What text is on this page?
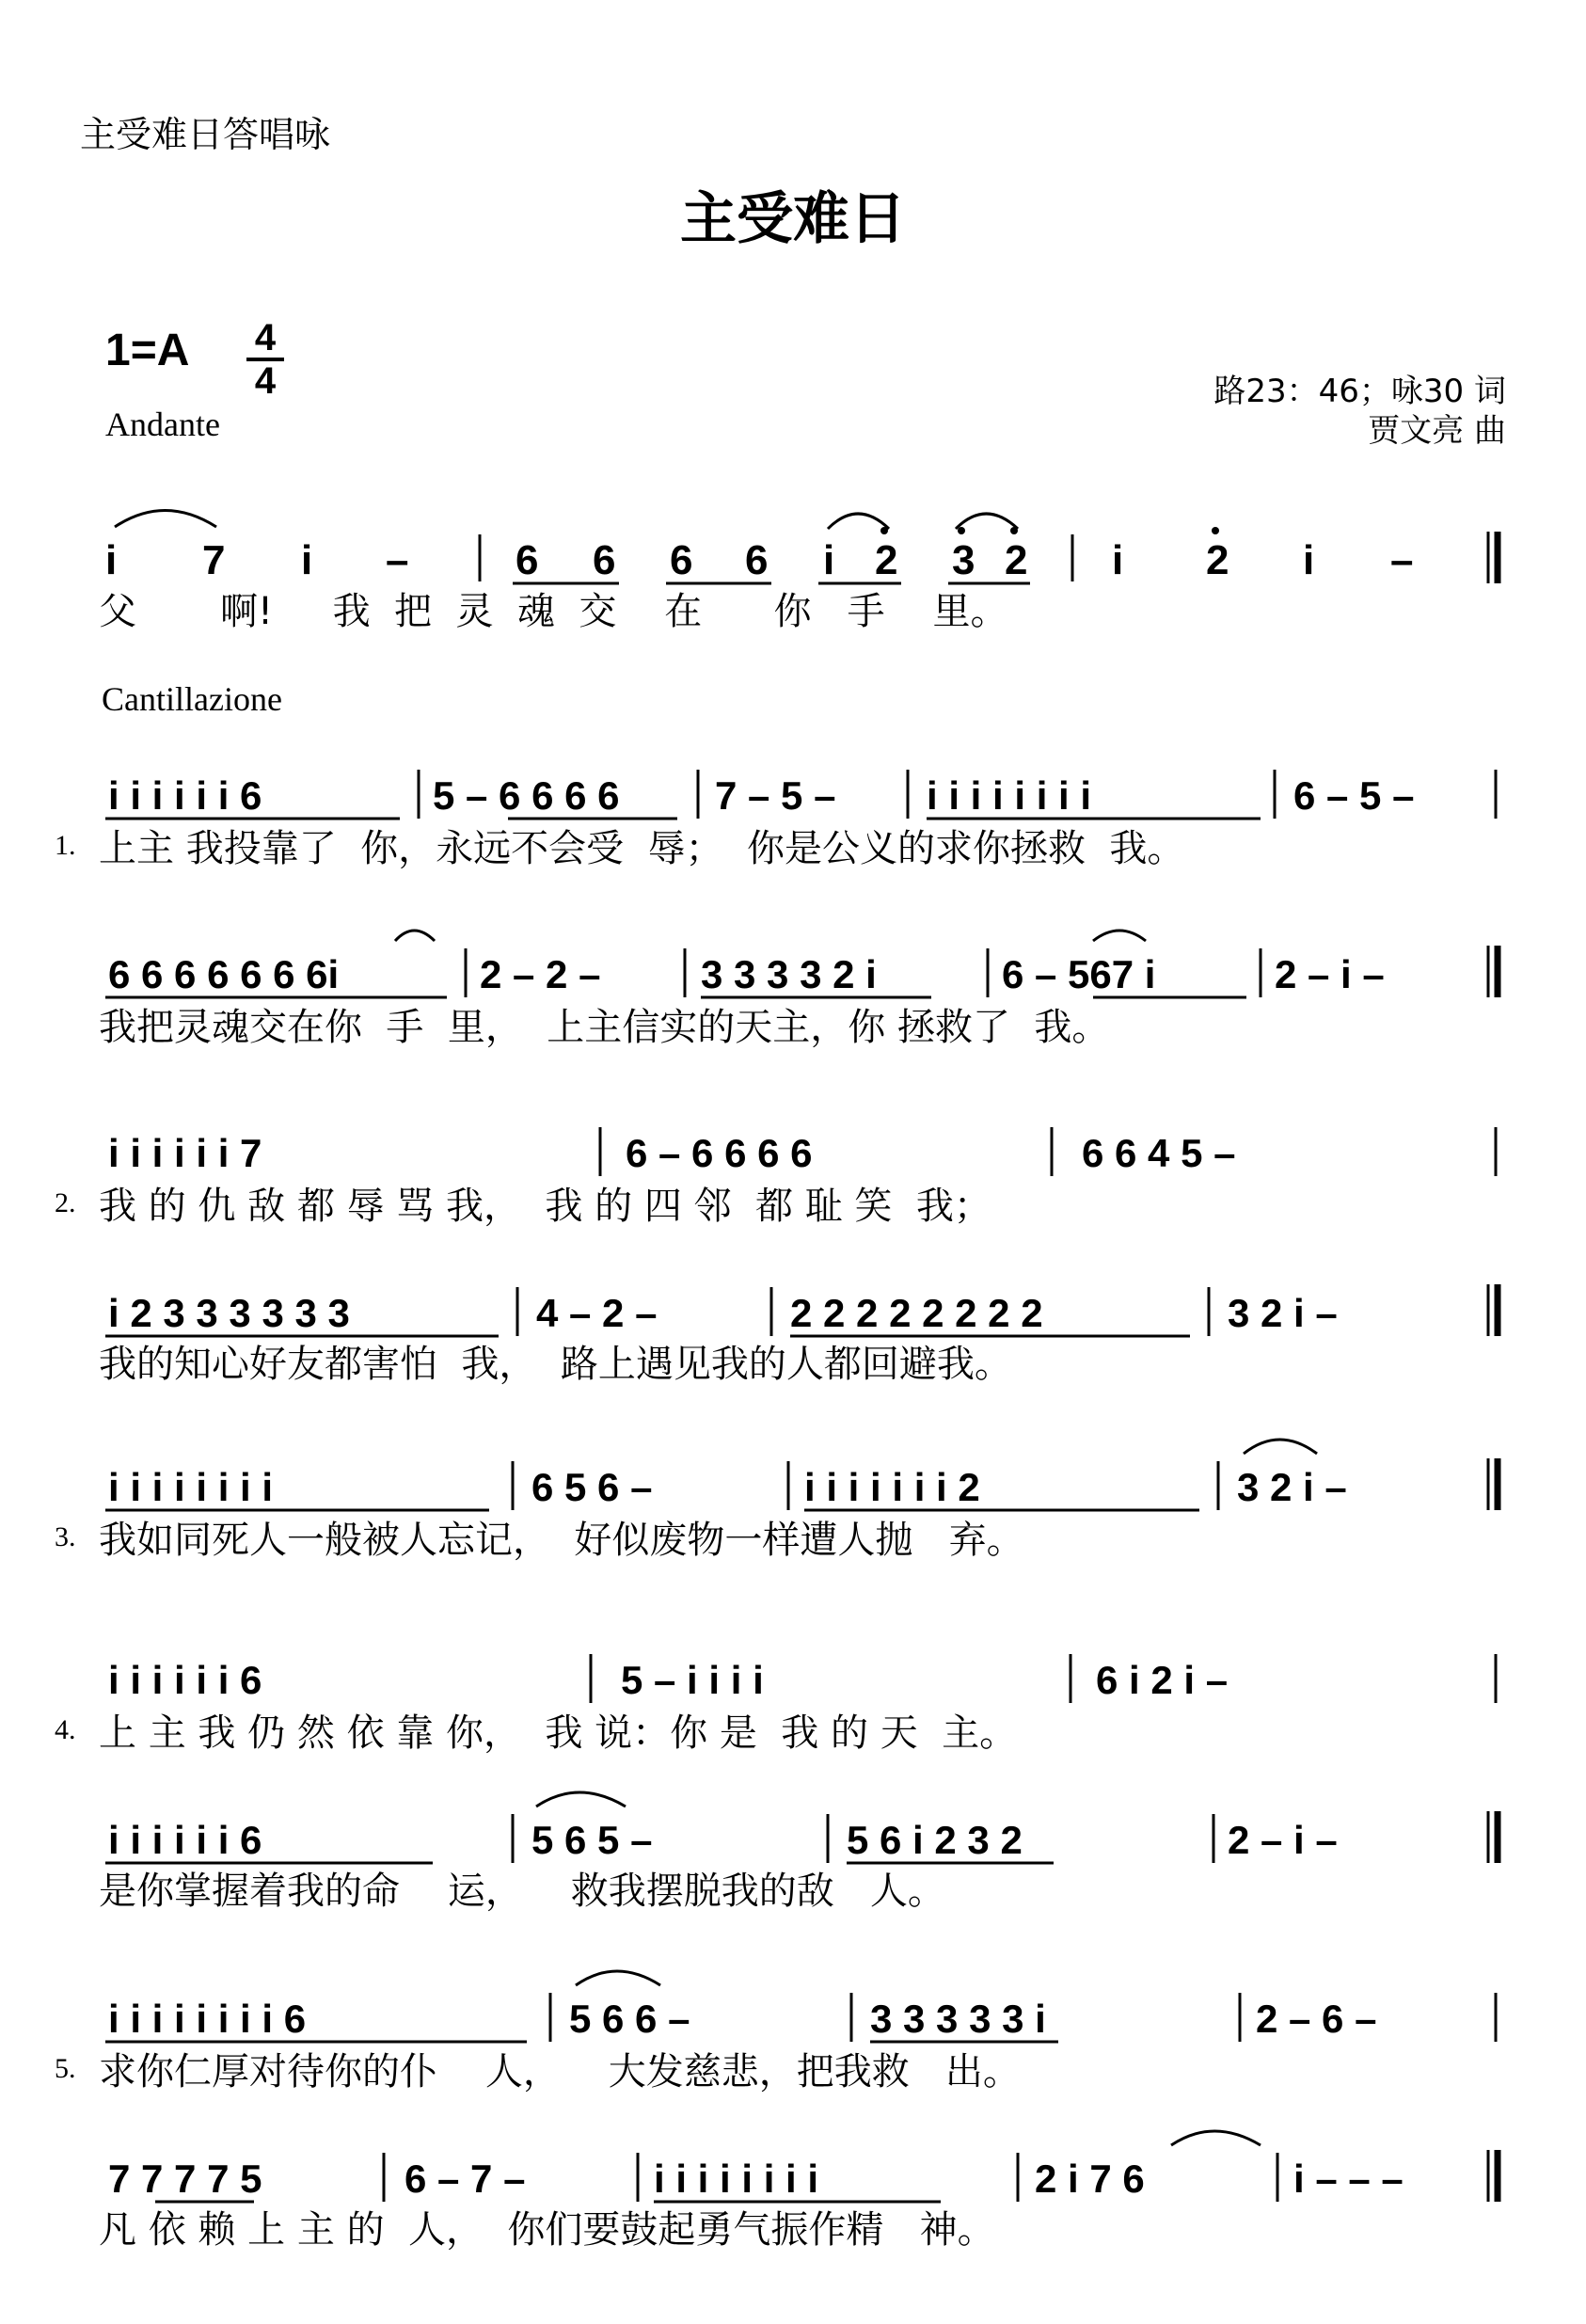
主受难日答唱咏
主受难日
1=A 4
4
Andante
路23：46；咏30 词
贾文亮 曲
Cantillazione
i 7 i –	6 6 6 6 i 2 3 2 i 2 i –
父       啊!     我  把  灵  魂  交    在      你   手    里。
i i i i i i 6	5 – 6 6 6 6 7 – 5 – i i i i i i i i	6 – 5 –
1. 上主 我投靠了  你，永远不会受  辱；  你是公义的求你拯救  我。
6 6 6 6 6 6 6i	2 – 2 –	3 3 3 3 2 i	6 – 567 i	2 – i –
我把灵魂交在你  手  里，  上主信实的天主，你 拯救了  我。
i i i i i i 7	6 – 6 6 6 6	6 6 4 5 –
2. 我 的 仇 敌 都 辱 骂 我，  我 的 四 邻  都 耻 笑  我；
i 2 3 3 3 3 3 3	4 – 2 –	2 2 2 2 2 2 2 2	3 2 i –
我的知心好友都害怕  我，  路上遇见我的人都回避我。
i i i i i i i i	6 5 6 –	i i i i i i i 2	3 2 i –
3. 我如同死人一般被人忘记，  好似废物一样遭人抛   弃。
i i i i i i 6	5 – i i i i	6 i 2 i –
4. 上 主 我 仍 然 依 靠 你，  我 说：你 是  我 的 天  主。
i i i i i i 6	5 6 5 –	5 6 i 2 3 2	2 – i –
是你掌握着我的命    运，    救我摆脱我的敌   人。
i i i i i i i i 6	5 6 6 –	3 3 3 3 3 i	2 – 6 –
5. 求你仁厚对待你的仆    人，    大发慈悲，把我救   出。
7 7 7 7 5	6 – 7 –	i i i i i i i i	2 i 7 6	i – – –
凡 依 赖 上 主 的  人，  你们要鼓起勇气振作精   神。
